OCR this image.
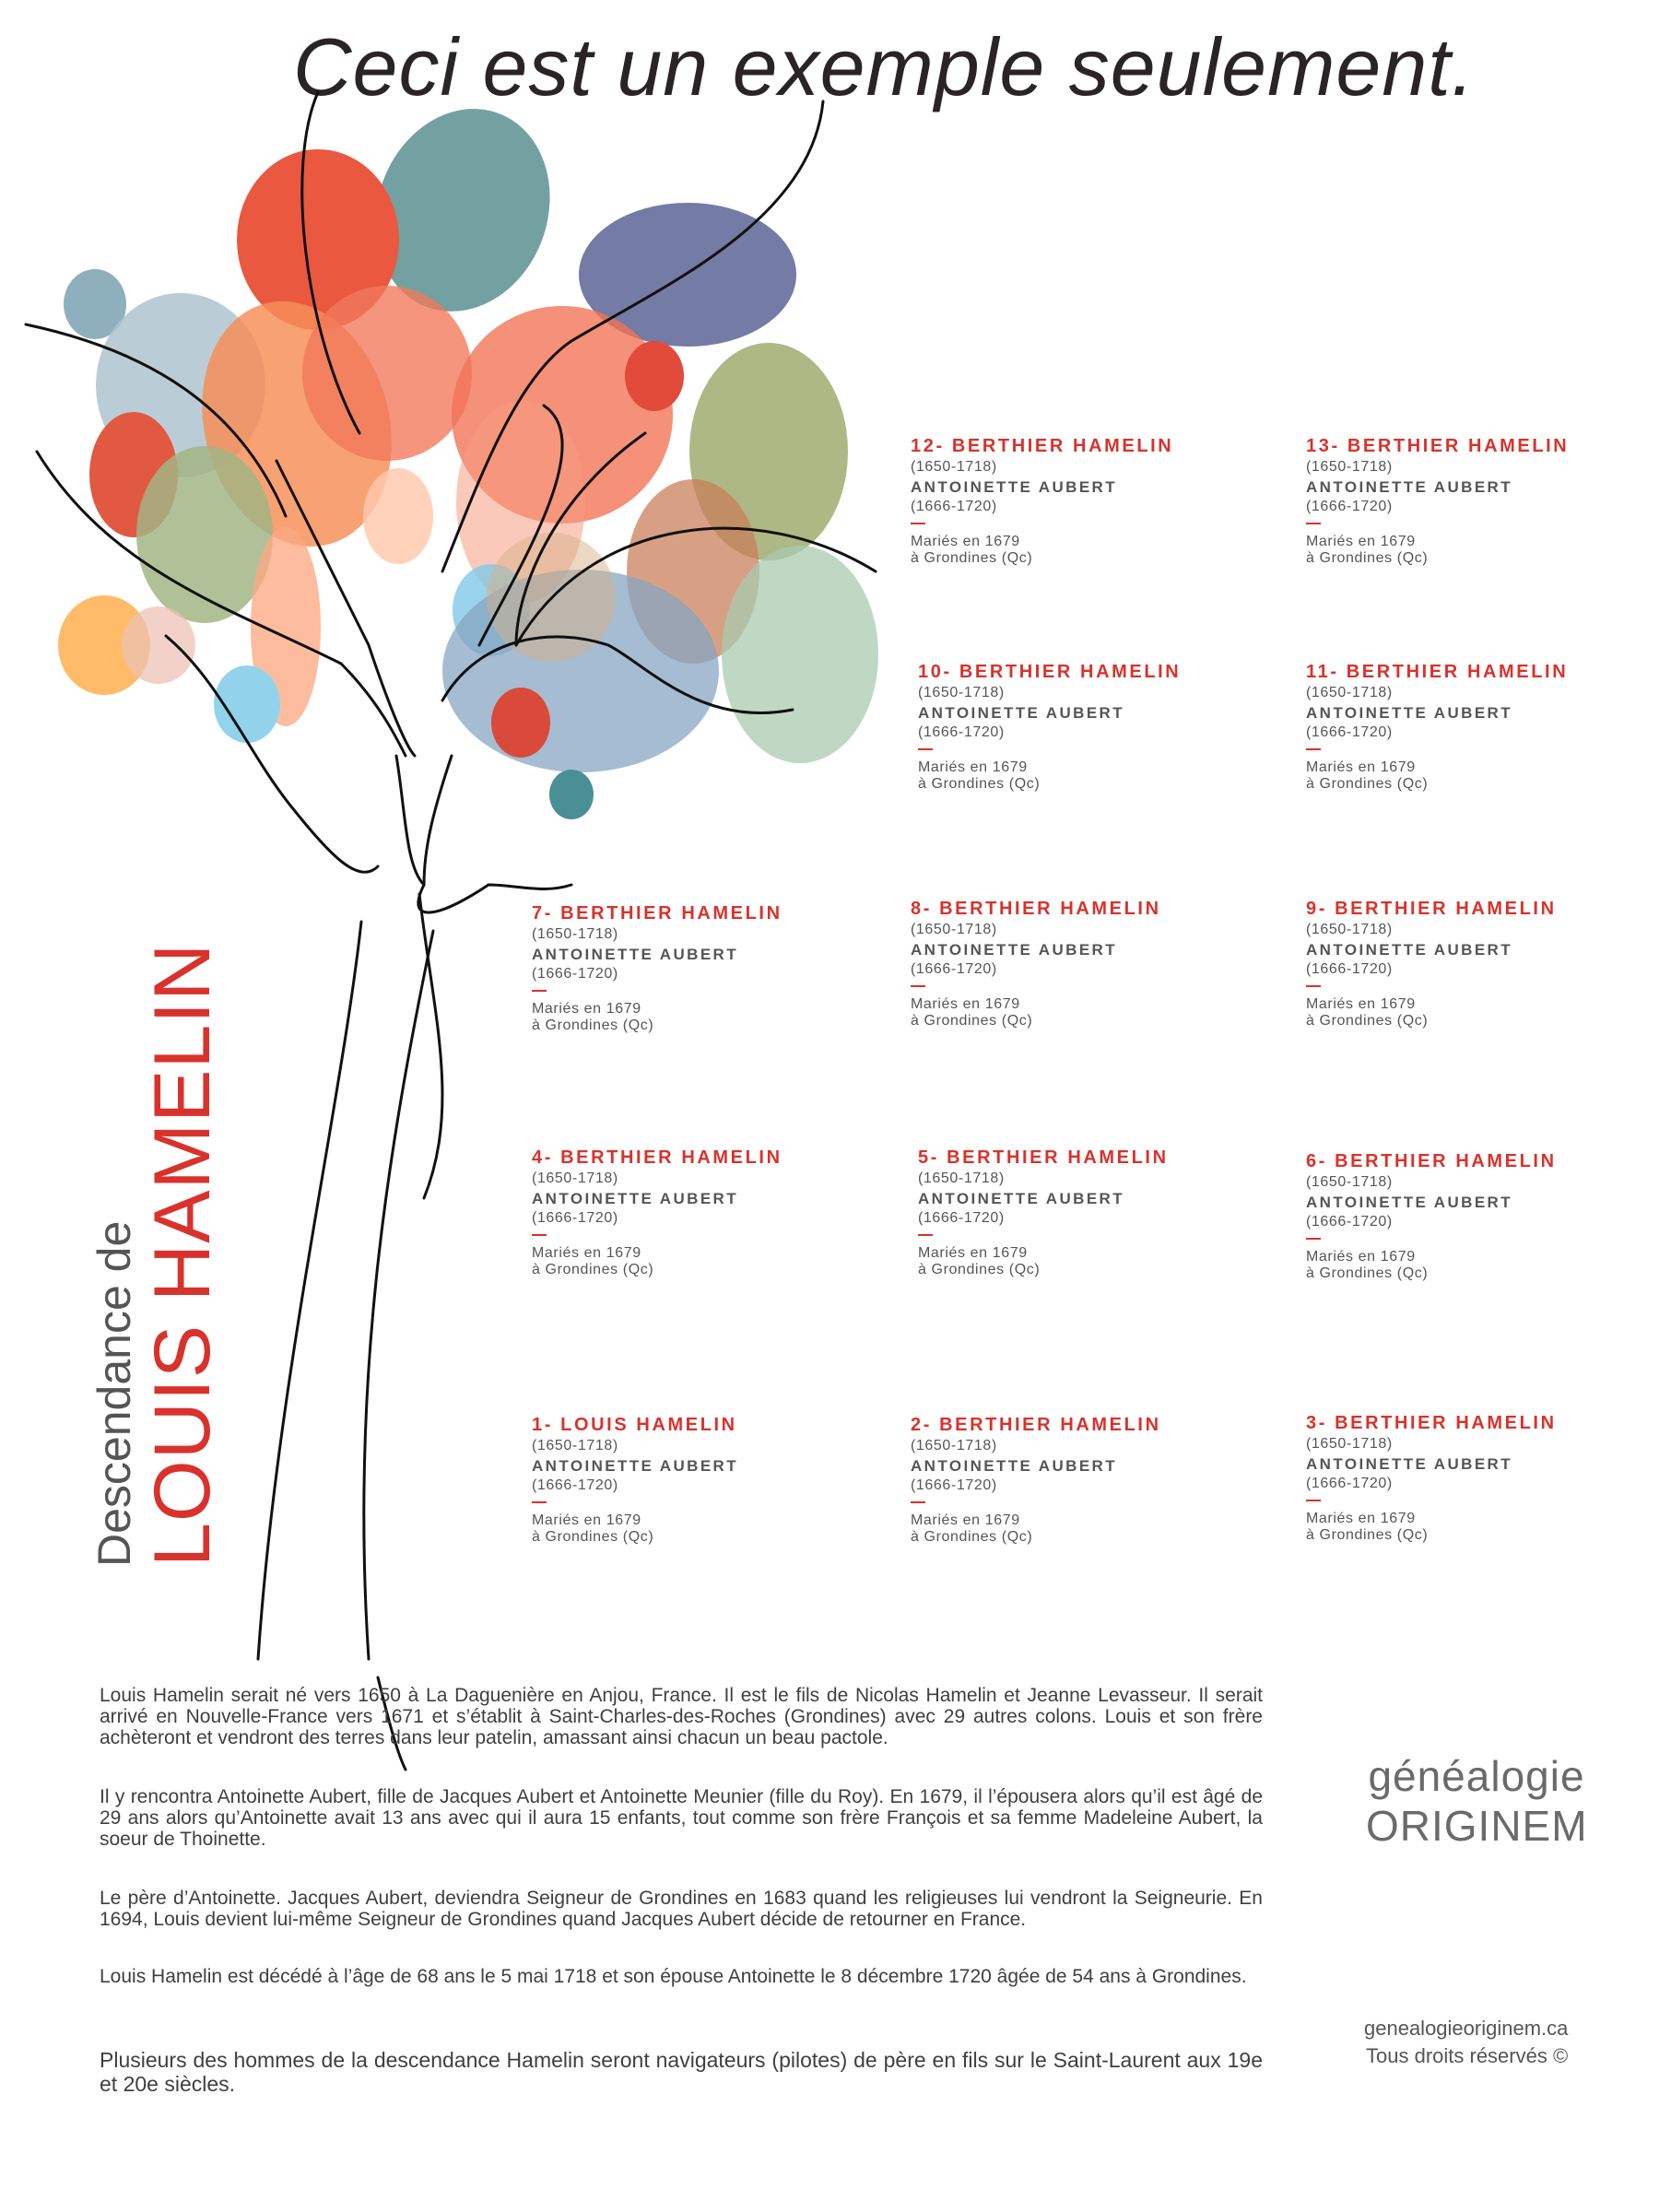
Ceci est un exemple seulement.
Descendance de
LOUIS HAMELIN	1- LOUIS HAMELIN
(1650-1718)
ANTOINETTE AUBERT
(1666-1720)
Mariés en 1679
à Grondines (Qc)
2- BERTHIER HAMELIN
(1650-1718)
ANTOINETTE AUBERT
(1666-1720)
Mariés en 1679
à Grondines (Qc)
3- BERTHIER HAMELIN
(1650-1718)
ANTOINETTE AUBERT
(1666-1720)
Mariés en 1679
à Grondines (Qc)
4- BERTHIER HAMELIN
(1650-1718)
ANTOINETTE AUBERT
(1666-1720)
Mariés en 1679
à Grondines (Qc)
5- BERTHIER HAMELIN
(1650-1718)
ANTOINETTE AUBERT
(1666-1720)
Mariés en 1679
à Grondines (Qc)
6- BERTHIER HAMELIN
(1650-1718)
ANTOINETTE AUBERT
(1666-1720)
Mariés en 1679
à Grondines (Qc)
7- BERTHIER HAMELIN
(1650-1718)
ANTOINETTE AUBERT
(1666-1720)
Mariés en 1679
à Grondines (Qc)
8- BERTHIER HAMELIN
(1650-1718)
ANTOINETTE AUBERT
(1666-1720)
Mariés en 1679
à Grondines (Qc)
9- BERTHIER HAMELIN
(1650-1718)
ANTOINETTE AUBERT
(1666-1720)
Mariés en 1679
à Grondines (Qc)
10- BERTHIER HAMELIN
(1650-1718)
ANTOINETTE AUBERT
(1666-1720)
Mariés en 1679
à Grondines (Qc)
11- BERTHIER HAMELIN
(1650-1718)
ANTOINETTE AUBERT
(1666-1720)
Mariés en 1679
à Grondines (Qc)
12- BERTHIER HAMELIN
(1650-1718)
ANTOINETTE AUBERT
(1666-1720)
Mariés en 1679
à Grondines (Qc)
13- BERTHIER HAMELIN
(1650-1718)
ANTOINETTE AUBERT
(1666-1720)
Mariés en 1679
à Grondines (Qc)

Louis Hamelin serait né vers 1650 à La Daguenière en Anjou, France. Il est le fils de Nicolas Hamelin et Jeanne Levasseur. Il serait arrivé en Nouvelle-France vers 1671 et s’établit à Saint-Charles-des-Roches (Grondines) avec 29 autres colons. Louis et son frère achèteront et vendront des terres dans leur patelin, amassant ainsi chacun un beau pactole.

Il y rencontra Antoinette Aubert, fille de Jacques Aubert et Antoinette Meunier (fille du Roy). En 1679, il l’épousera alors qu’il est âgé de 29 ans alors qu’Antoinette avait 13 ans avec qui il aura 15 enfants, tout comme son frère François et sa femme Madeleine Aubert, la soeur de Thoinette.

Le père d’Antoinette. Jacques Aubert, deviendra Seigneur de Grondines en 1683 quand les religieuses lui vendront la Seigneurie. En 1694, Louis devient lui-même Seigneur de Grondines quand Jacques Aubert décide de retourner en France.

Louis Hamelin est décédé à l’âge de 68 ans le 5 mai 1718 et son épouse Antoinette le 8 décembre 1720 âgée de 54 ans à Grondines.

Plusieurs des hommes de la descendance Hamelin seront navigateurs (pilotes) de père en fils sur le Saint-Laurent aux 19e et 20e siècles.

généalogie
ORIGINEM
genealogieoriginem.ca
Tous droits réservés ©
